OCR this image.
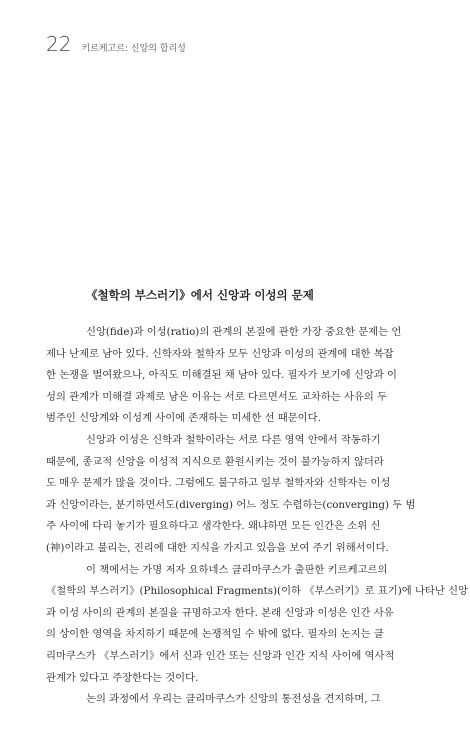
22 키르케고르: 신앙의 합리성
《철학의 부스러기》에서 신앙과 이성의 문제
신앙(fide)과 이성(ratio)의 관계의 본질에 관한 가장 중요한 문제는 언
제나 난제로 남아 있다. 신학자와 철학자 모두 신앙과 이성의 관계에 대한 복잡
한 논쟁을 벌여왔으나, 아직도 미해결된 채 남아 있다. 필자가 보기에 신앙과 이
성의 관계가 미해결 과제로 남은 이유는 서로 다르면서도 교차하는 사유의 두
범주인 신앙계와 이성계 사이에 존재하는 미세한 선 때문이다.
신앙과 이성은 신학과 철학이라는 서로 다른 영역 안에서 작동하기
때문에, 종교적 신앙을 이성적 지식으로 환원시키는 것이 불가능하지 않더라
도 매우 문제가 많을 것이다. 그럼에도 불구하고 일부 철학자와 신학자는 이성
과 신앙이라는, 분기하면서도(diverging) 어느 정도 수렴하는(converging) 두 범
주 사이에 다리 놓기가 필요하다고 생각한다. 왜냐하면 모든 인간은 소위 신
(神)이라고 불리는, 진리에 대한 지식을 가지고 있음을 보여 주기 위해서이다.
이 책에서는 가명 저자 요하네스 클리마쿠스가 출판한 키르케고르의
《철학의 부스러기》(Philosophical Fragments)(이하 《부스러기》로 표기)에 나타난 신앙
과 이성 사이의 관계의 본질을 규명하고자 한다. 본래 신앙과 이성은 인간 사유
의 상이한 영역을 차지하기 때문에 논쟁적일 수 밖에 없다. 필자의 논지는 클
리마쿠스가 《부스러기》에서 신과 인간 또는 신앙과 인간 지식 사이에 역사적
관계가 있다고 주장한다는 것이다.
논의 과정에서 우리는 클리마쿠스가 신앙의 통전성을 견지하며, 그
